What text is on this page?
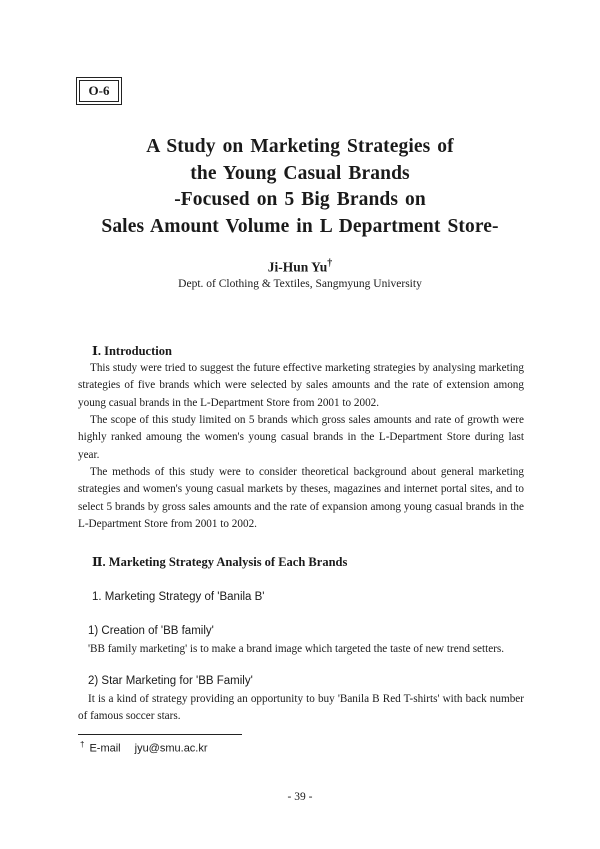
O-6
A Study on Marketing Strategies of
the Young Casual Brands
-Focused on 5 Big Brands on
Sales Amount Volume in L Department Store-
Ji-Hun Yu†
Dept. of Clothing & Textiles, Sangmyung University
Ⅰ. Introduction
This study were tried to suggest the future effective marketing strategies by analysing marketing strategies of five brands which were selected by sales amounts and the rate of extension among young casual brands in the L-Department Store from 2001 to 2002.
The scope of this study limited on 5 brands which gross sales amounts and rate of growth were highly ranked amoung the women's young casual brands in the L-Department Store during last year.
The methods of this study were to consider theoretical background about general marketing strategies and women's young casual markets by theses, magazines and internet portal sites, and to select 5 brands by gross sales amounts and the rate of expansion among young casual brands in the L-Department Store from 2001 to 2002.
Ⅱ. Marketing Strategy Analysis of Each Brands
1. Marketing Strategy of 'Banila B'
1) Creation of 'BB family'
'BB family marketing' is to make a brand image which targeted the taste of new trend setters.
2) Star Marketing for 'BB Family'
It is a kind of strategy providing an opportunity to buy 'Banila B Red T-shirts' with back number of famous soccer stars.
† E-mail jyu@smu.ac.kr
- 39 -
